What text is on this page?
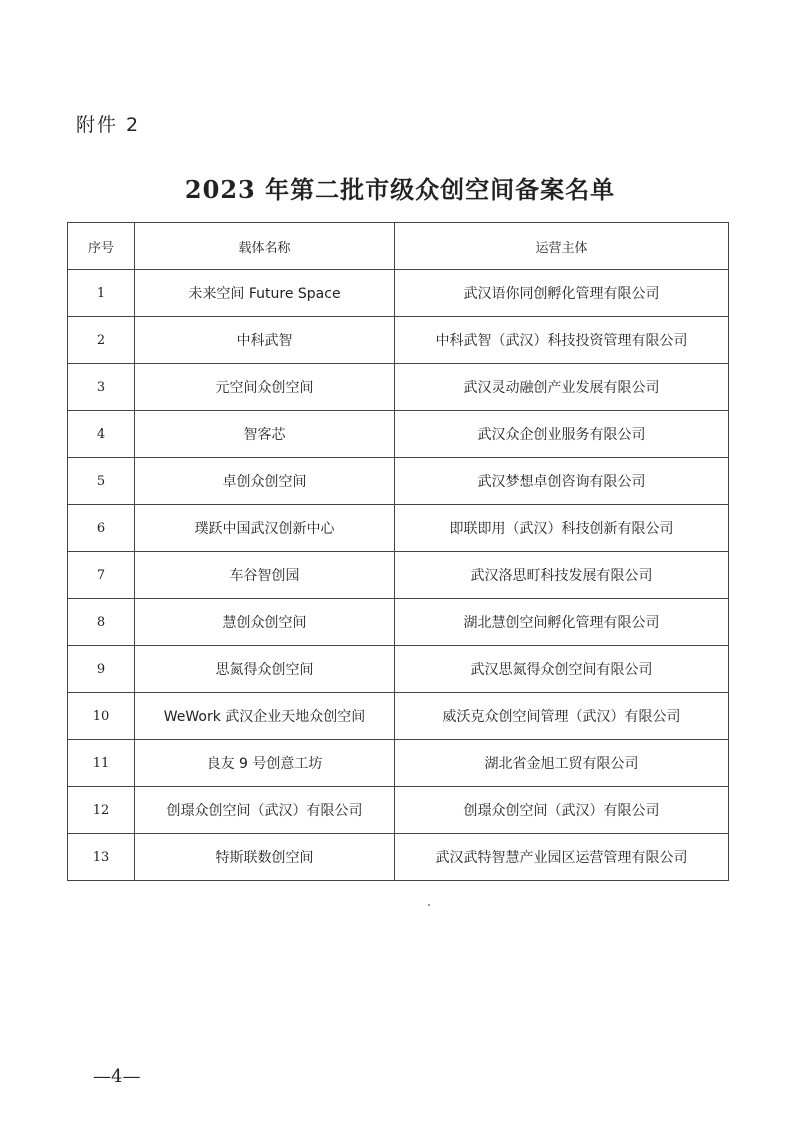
附件 2
2023 年第二批市级众创空间备案名单
序号	载体名称	运营主体
1	未来空间 Future Space	武汉语你同创孵化管理有限公司
2	中科武智	中科武智（武汉）科技投资管理有限公司
3	元空间众创空间	武汉灵动融创产业发展有限公司
4	智客芯	武汉众企创业服务有限公司
5	卓创众创空间	武汉梦想卓创咨询有限公司
6	璞跃中国武汉创新中心	即联即用（武汉）科技创新有限公司
7	车谷智创园	武汉洛思町科技发展有限公司
8	慧创众创空间	湖北慧创空间孵化管理有限公司
9	思氮得众创空间	武汉思氮得众创空间有限公司
10	WeWork 武汉企业天地众创空间	威沃克众创空间管理（武汉）有限公司
11	良友 9 号创意工坊	湖北省金旭工贸有限公司
12	创璟众创空间（武汉）有限公司	创璟众创空间（武汉）有限公司
13	特斯联数创空间	武汉武特智慧产业园区运营管理有限公司
—4—
